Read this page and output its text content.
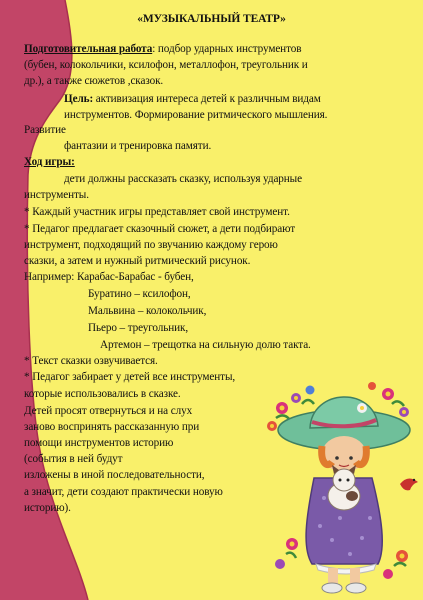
«МУЗЫКАЛЬНЫЙ ТЕАТР»
Подготовительная работа: подбор ударных инструментов
(бубен, колокольчики, ксилофон, металлофон, треугольник и
др.), а также сюжетов ,сказок.
Цель: активизация интереса детей к различным видам
инструментов. Формирование ритмического мышления.
Развитие
фантазии и тренировка памяти.
Ход игры:
дети должны рассказать сказку, используя ударные
инструменты.
* Каждый участник игры представляет свой инструмент.
* Педагог предлагает сказочный сюжет, а дети подбирают
инструмент, подходящий по звучанию каждому герою
сказки, а затем и нужный ритмический рисунок.
Например: Карабас-Барабас - бубен,
Буратино – ксилофон,
Мальвина – колокольчик,
Пьеро – треугольник,
Артемон – трещотка на сильную долю такта.
* Текст сказки озвучивается.
* Педагог забирает у детей все инструменты,
которые использовались в сказке.
Детей просят отвернуться и на слух
заново воспринять рассказанную при
помощи инструментов историю
(события в ней будут
изложены в иной последовательности,
а значит, дети создают практически новую
историю).
